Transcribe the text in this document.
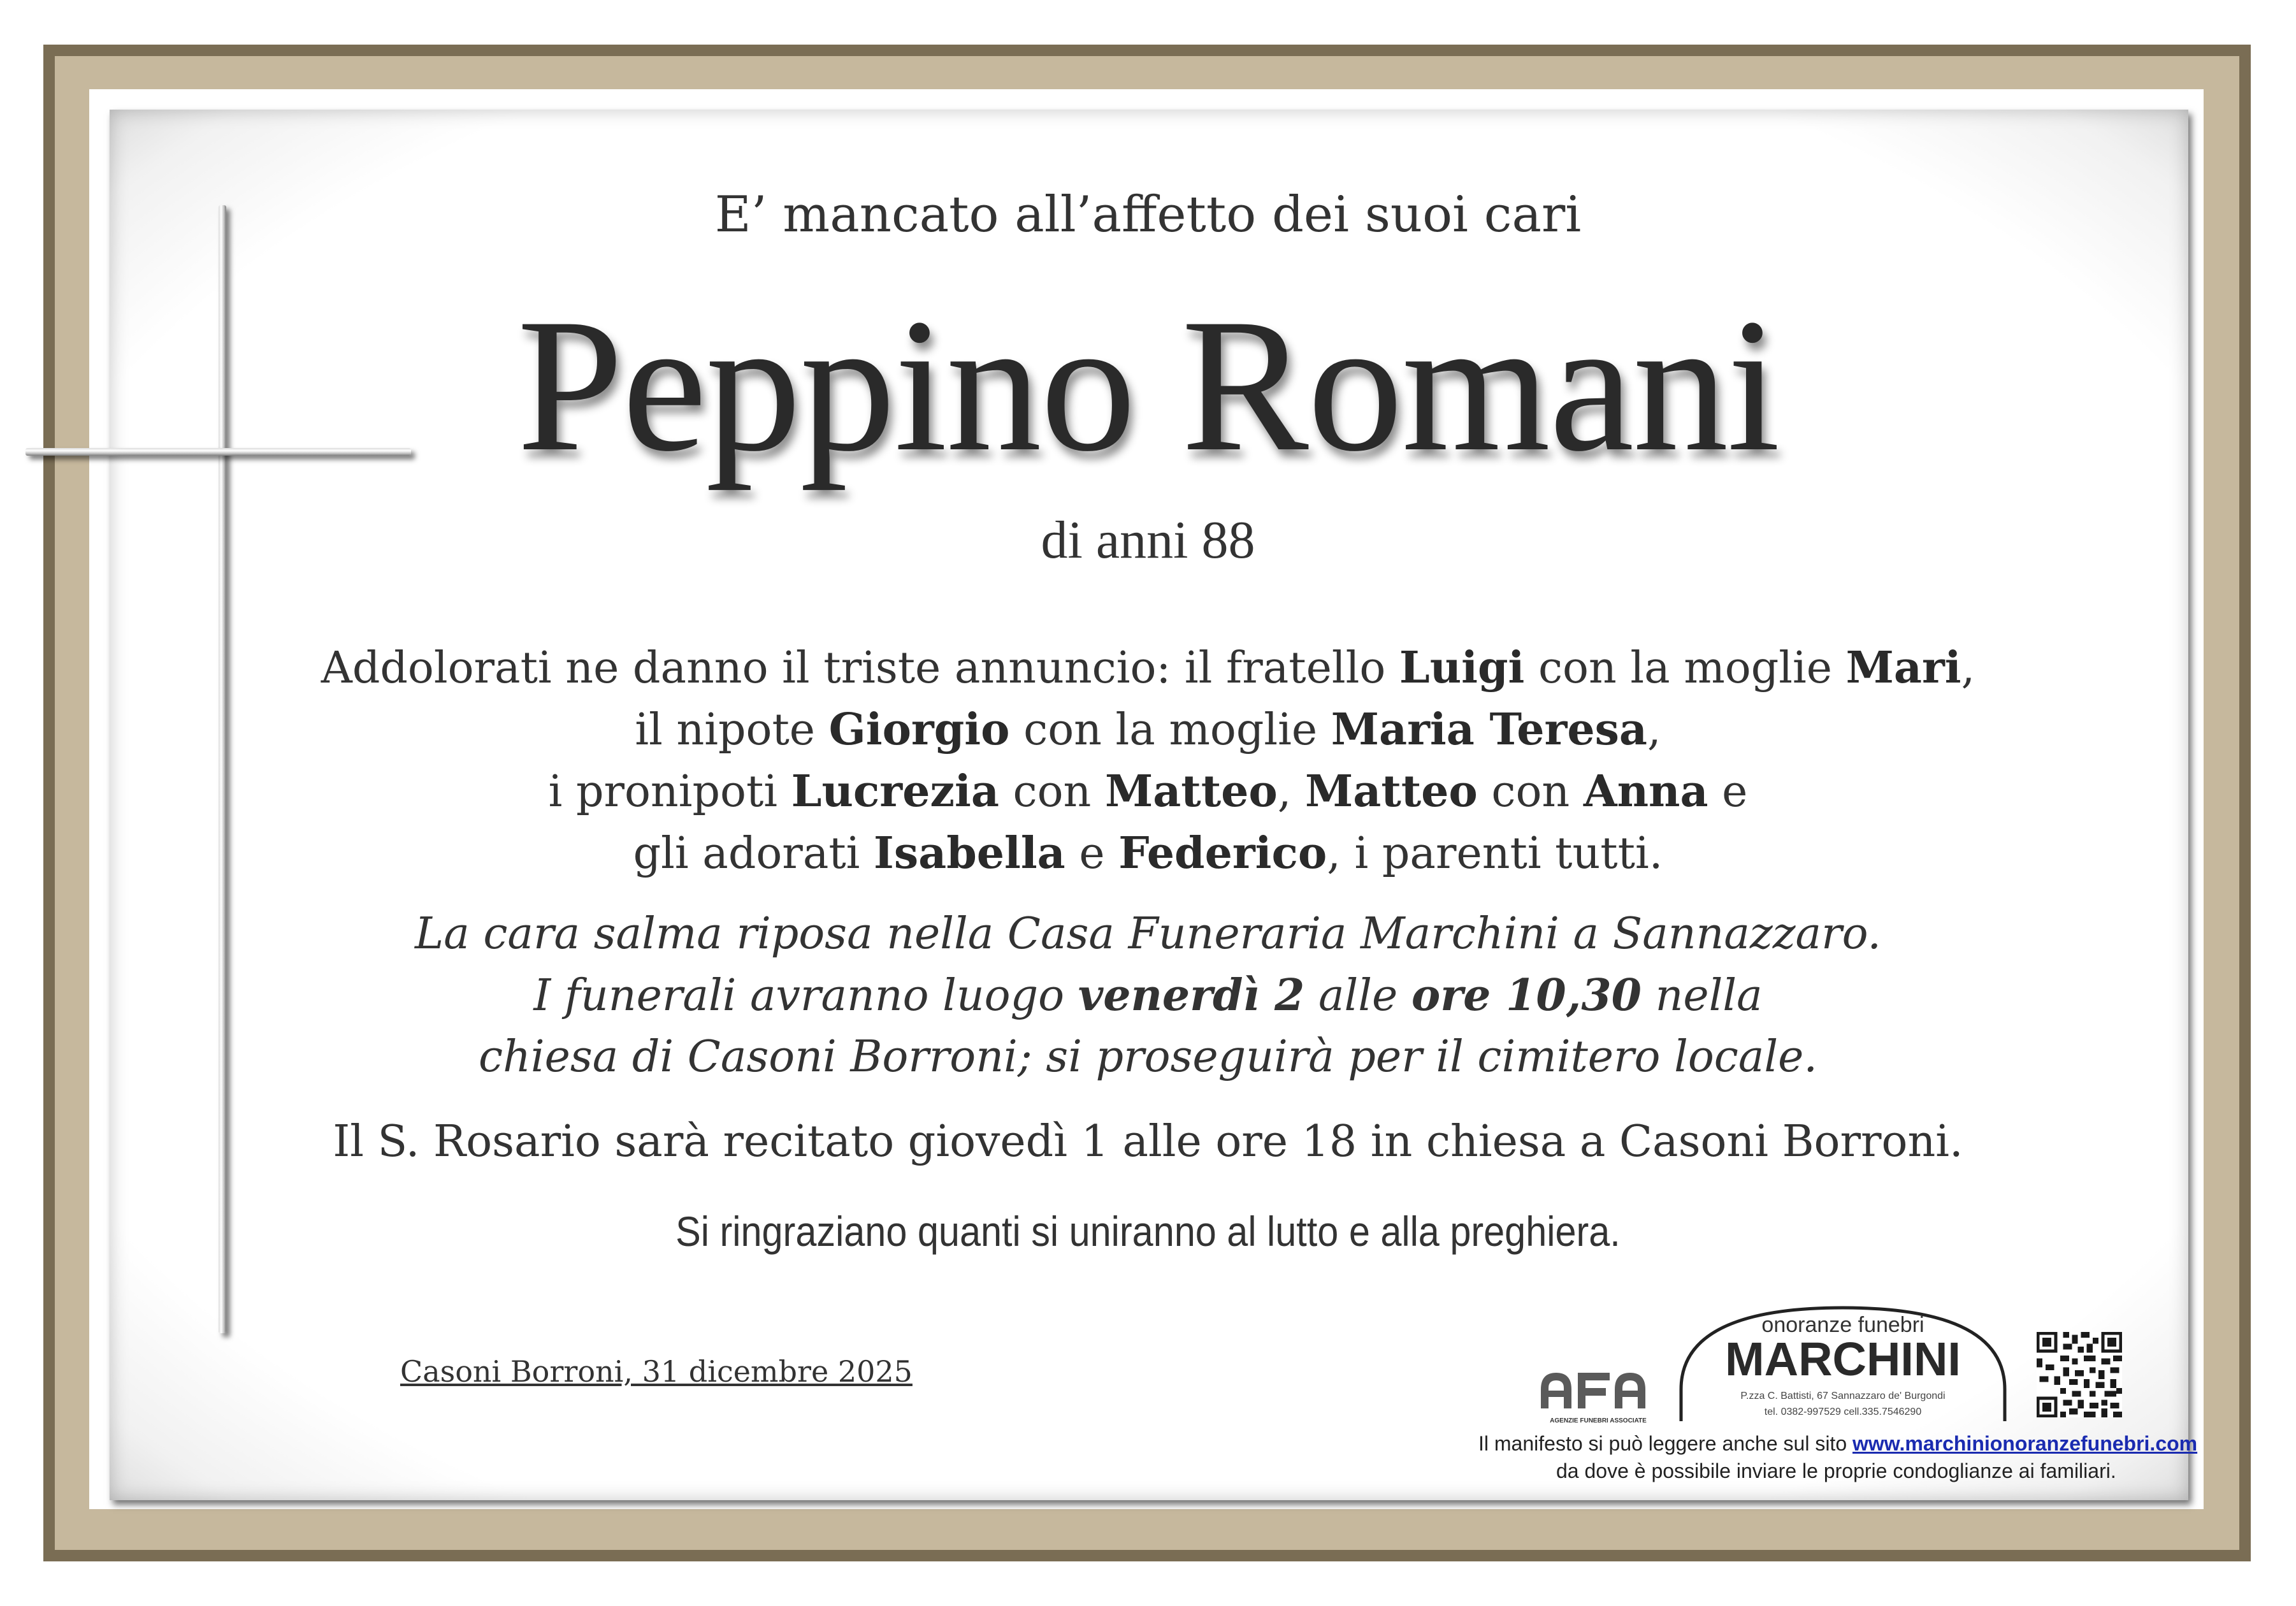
E’ mancato all’affetto dei suoi cari
Peppino Romani
di anni 88
Addolorati ne danno il triste annuncio: il fratello Luigi con la moglie Mari,
il nipote Giorgio con la moglie Maria Teresa,
i pronipoti Lucrezia con Matteo, Matteo con Anna e
gli adorati Isabella e Federico, i parenti tutti.
La cara salma riposa nella Casa Funeraria Marchini a Sannazzaro.
I funerali avranno luogo venerdì 2 alle ore 10,30 nella
chiesa di Casoni Borroni; si proseguirà per il cimitero locale.
Il S. Rosario sarà recitato giovedì 1 alle ore 18 in chiesa a Casoni Borroni.
Si ringraziano quanti si uniranno al lutto e alla preghiera.
Casoni Borroni, 31 dicembre 2025
AGENZIE FUNEBRI ASSOCIATE
onoranze funebri
MARCHINI
P.zza C. Battisti, 67 Sannazzaro de' Burgondi
tel. 0382-997529 cell.335.7546290
Il manifesto si può leggere anche sul sito www.marchinionoranzefunebri.com
da dove è possibile inviare le proprie condoglianze ai familiari.
